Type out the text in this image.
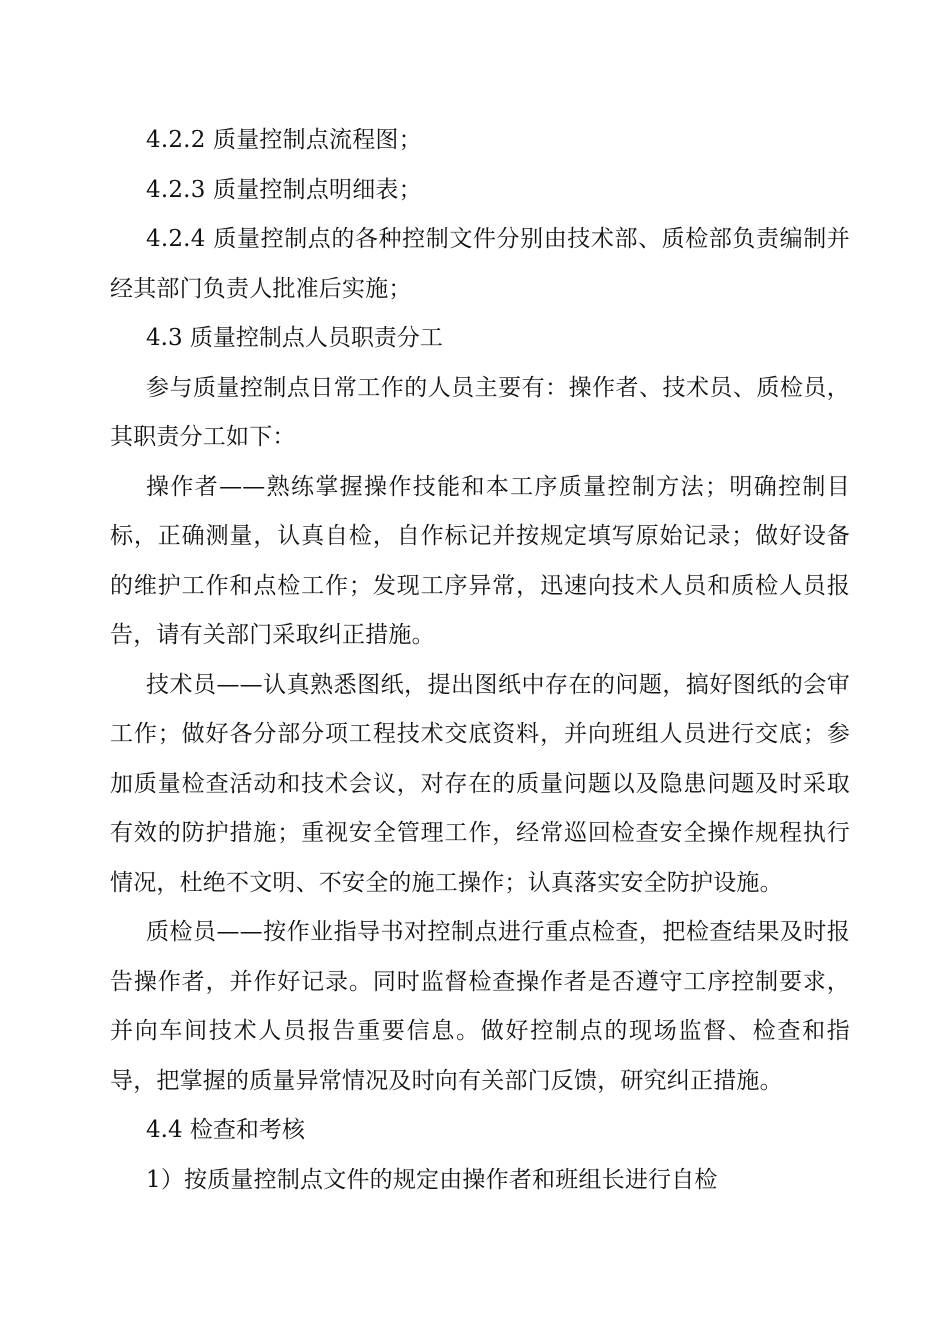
4.2.2 质量控制点流程图；

4.2.3 质量控制点明细表；

4.2.4 质量控制点的各种控制文件分别由技术部、质检部负责编制并经其部门负责人批准后实施；

4.3 质量控制点人员职责分工

参与质量控制点日常工作的人员主要有：操作者、技术员、质检员，其职责分工如下：

操作者——熟练掌握操作技能和本工序质量控制方法；明确控制目标，正确测量，认真自检，自作标记并按规定填写原始记录；做好设备的维护工作和点检工作；发现工序异常，迅速向技术人员和质检人员报告，请有关部门采取纠正措施。

技术员——认真熟悉图纸，提出图纸中存在的问题，搞好图纸的会审工作；做好各分部分项工程技术交底资料，并向班组人员进行交底；参加质量检查活动和技术会议，对存在的质量问题以及隐患问题及时采取有效的防护措施；重视安全管理工作，经常巡回检查安全操作规程执行情况，杜绝不文明、不安全的施工操作；认真落实安全防护设施。

质检员——按作业指导书对控制点进行重点检查，把检查结果及时报告操作者，并作好记录。同时监督检查操作者是否遵守工序控制要求，并向车间技术人员报告重要信息。做好控制点的现场监督、检查和指导，把掌握的质量异常情况及时向有关部门反馈，研究纠正措施。

4.4 检查和考核

1）按质量控制点文件的规定由操作者和班组长进行自检
